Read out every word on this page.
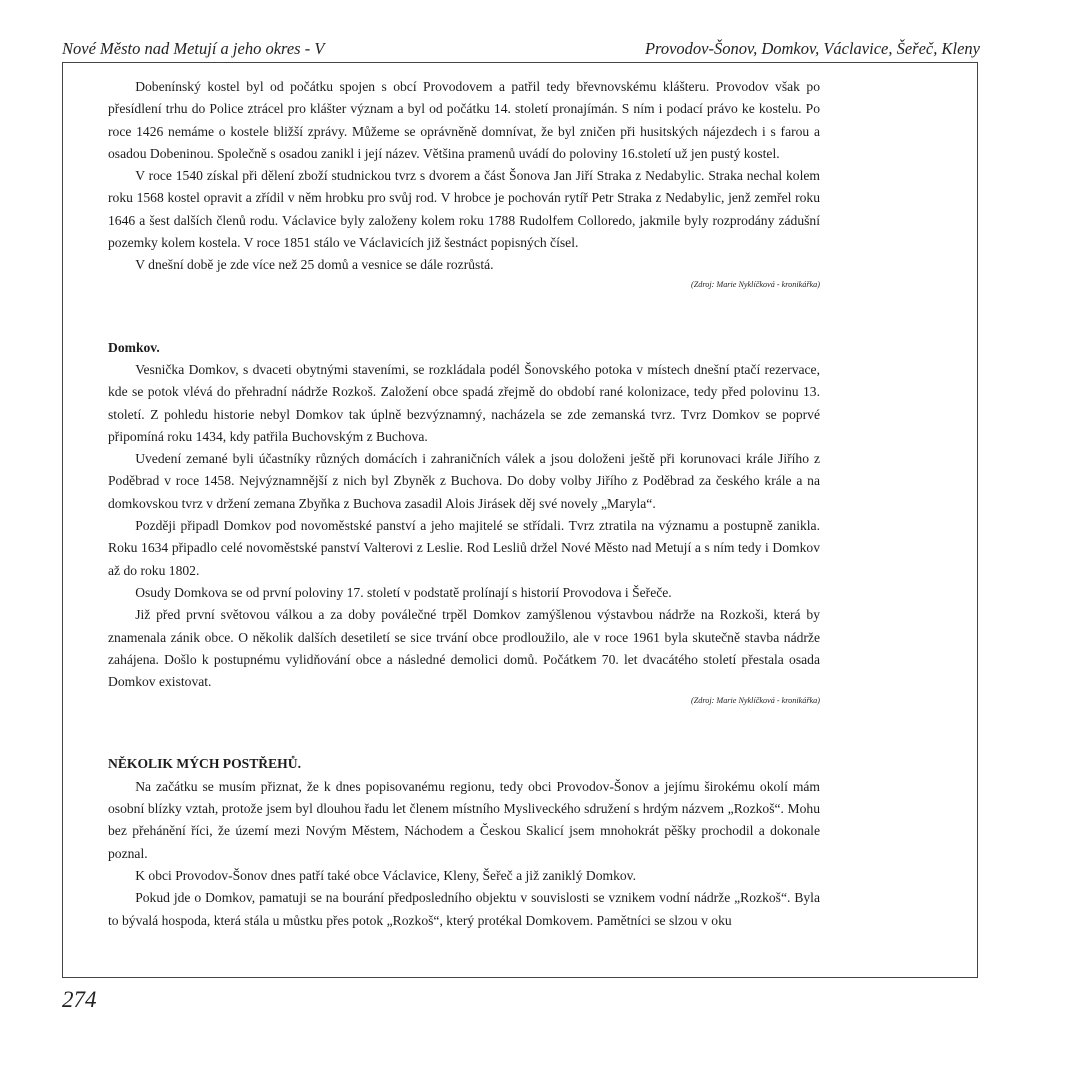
Nové Město nad Metují a jeho okres - V	Provodov-Šonov, Domkov, Václavice, Šeřeč, Kleny

Dobenínský kostel byl od počátku spojen s obcí Provodovem a patřil tedy břevnovskému klášteru. Provodov však po přesídlení trhu do Police ztrácel pro klášter význam a byl od počátku 14. století pronajímán. S ním i podací právo ke kostelu. Po roce 1426 nemáme o kostele bližší zprávy. Můžeme se oprávněně domnívat, že byl zničen při husitských nájezdech i s farou a osadou Dobeninou. Společně s osadou zanikl i její název. Většina pramenů uvádí do poloviny 16.století už jen pustý kostel.

V roce 1540 získal při dělení zboží studnickou tvrz s dvorem a část Šonova Jan Jiří Straka z Nedabylic. Straka nechal kolem roku 1568 kostel opravit a zřídil v něm hrobku pro svůj rod. V hrobce je pochován rytíř Petr Straka z Nedabylic, jenž zemřel roku 1646 a šest dalších členů rodu. Václavice byly založeny kolem roku 1788 Rudolfem Colloredo, jakmile byly rozprodány zádušní pozemky kolem kostela. V roce 1851 stálo ve Václavicích již šestnáct popisných čísel.

V dnešní době je zde více než 25 domů a vesnice se dále rozrůstá.

(Zdroj: Marie Nyklíčková - kronikářka)

Domkov.

Vesnička Domkov, s dvaceti obytnými staveními, se rozkládala podél Šonovského potoka v místech dnešní ptačí rezervace, kde se potok vlévá do přehradní nádrže Rozkoš. Založení obce spadá zřejmě do období rané kolonizace, tedy před polovinu 13. století. Z pohledu historie nebyl Domkov tak úplně bezvýznamný, nacházela se zde zemanská tvrz. Tvrz Domkov se poprvé připomíná roku 1434, kdy patřila Buchovským z Buchova.

Uvedení zemané byli účastníky různých domácích i zahraničních válek a jsou doloženi ještě při korunovaci krále Jiřího z Poděbrad v roce 1458. Nejvýznamnější z nich byl Zbyněk z Buchova. Do doby volby Jiřího z Poděbrad za českého krále a na domkovskou tvrz v držení zemana Zbyňka z Buchova zasadil Alois Jirásek děj své novely „Maryla“.

Později připadl Domkov pod novoměstské panství a jeho majitelé se střídali. Tvrz ztratila na významu a postupně zanikla. Roku 1634 připadlo celé novoměstské panství Valterovi z Leslie. Rod Lesliů držel Nové Město nad Metují a s ním tedy i Domkov až do roku 1802.

Osudy Domkova se od první poloviny 17. století v podstatě prolínají s historií Provodova i Šeřeče.

Již před první světovou válkou a za doby poválečné trpěl Domkov zamýšlenou výstavbou nádrže na Rozkoši, která by znamenala zánik obce. O několik dalších desetiletí se sice trvání obce prodloužilo, ale v roce 1961 byla skutečně stavba nádrže zahájena. Došlo k postupnému vylidňování obce a následné demolici domů. Počátkem 70. let dvacátého století přestala osada Domkov existovat.

(Zdroj: Marie Nyklíčková - kronikářka)

NĚKOLIK MÝCH POSTŘEHŮ.

Na začátku se musím přiznat, že k dnes popisovanému regionu, tedy obci Provodov-Šonov a jejímu širokému okolí mám osobní blízky vztah, protože jsem byl dlouhou řadu let členem místního Mysliveckého sdružení s hrdým názvem „Rozkoš“. Mohu bez přehánění říci, že území mezi Novým Městem, Náchodem a Českou Skalicí jsem mnohokrát pěšky prochodil a dokonale poznal.

K obci Provodov-Šonov dnes patří také obce Václavice, Kleny, Šeřeč a již zaniklý Domkov.

Pokud jde o Domkov, pamatuji se na bourání předposledního objektu v souvislosti se vznikem vodní nádrže „Rozkoš“. Byla to bývalá hospoda, která stála u můstku přes potok „Rozkoš“, který protékal Domkovem. Pamětníci se slzou v oku

274
